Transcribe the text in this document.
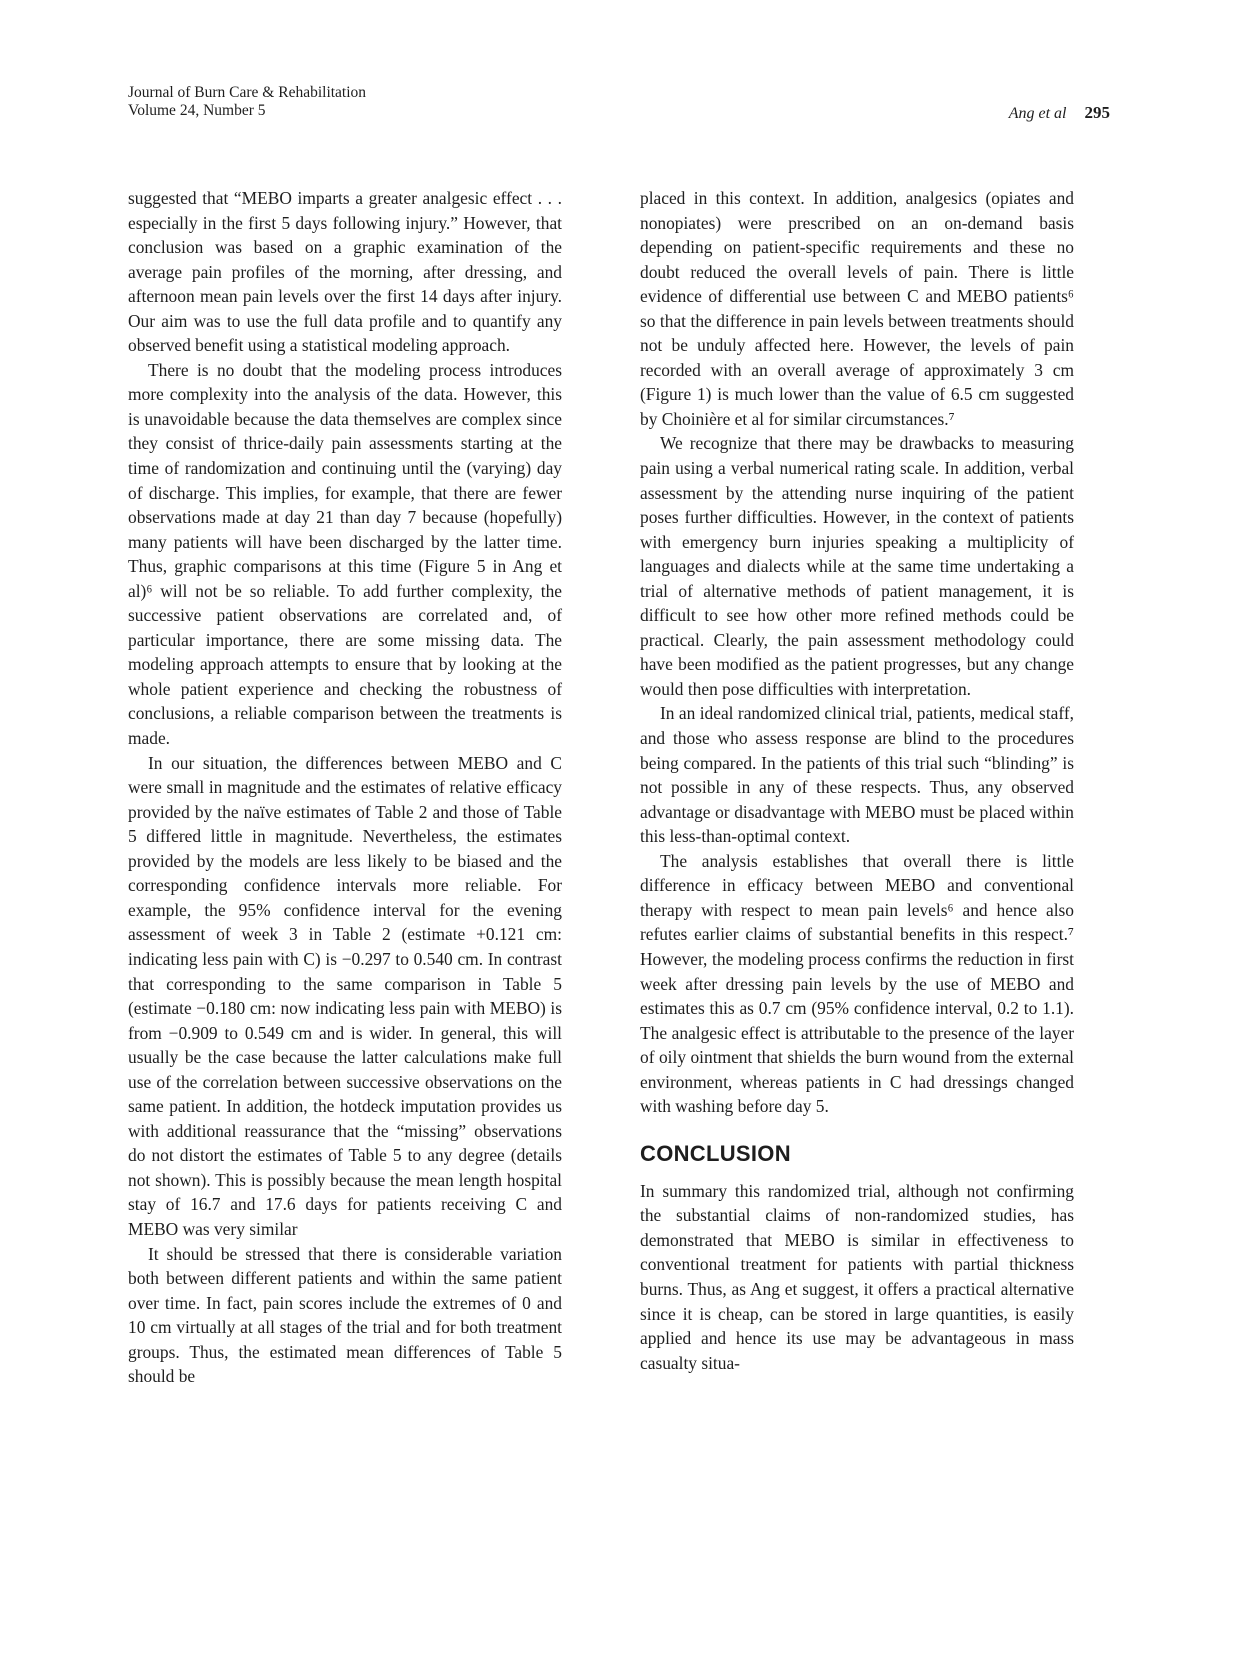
Journal of Burn Care & Rehabilitation
Volume 24, Number 5	Ang et al 295

suggested that “MEBO imparts a greater analgesic effect . . . especially in the first 5 days following injury.” However, that conclusion was based on a graphic examination of the average pain profiles of the morning, after dressing, and afternoon mean pain levels over the first 14 days after injury. Our aim was to use the full data profile and to quantify any observed benefit using a statistical modeling approach.

There is no doubt that the modeling process introduces more complexity into the analysis of the data. However, this is unavoidable because the data themselves are complex since they consist of thrice-daily pain assessments starting at the time of randomization and continuing until the (varying) day of discharge. This implies, for example, that there are fewer observations made at day 21 than day 7 because (hopefully) many patients will have been discharged by the latter time. Thus, graphic comparisons at this time (Figure 5 in Ang et al)⁶ will not be so reliable. To add further complexity, the successive patient observations are correlated and, of particular importance, there are some missing data. The modeling approach attempts to ensure that by looking at the whole patient experience and checking the robustness of conclusions, a reliable comparison between the treatments is made.

In our situation, the differences between MEBO and C were small in magnitude and the estimates of relative efficacy provided by the naïve estimates of Table 2 and those of Table 5 differed little in magnitude. Nevertheless, the estimates provided by the models are less likely to be biased and the corresponding confidence intervals more reliable. For example, the 95% confidence interval for the evening assessment of week 3 in Table 2 (estimate +0.121 cm: indicating less pain with C) is −0.297 to 0.540 cm. In contrast that corresponding to the same comparison in Table 5 (estimate −0.180 cm: now indicating less pain with MEBO) is from −0.909 to 0.549 cm and is wider. In general, this will usually be the case because the latter calculations make full use of the correlation between successive observations on the same patient. In addition, the hotdeck imputation provides us with additional reassurance that the “missing” observations do not distort the estimates of Table 5 to any degree (details not shown). This is possibly because the mean length hospital stay of 16.7 and 17.6 days for patients receiving C and MEBO was very similar

It should be stressed that there is considerable variation both between different patients and within the same patient over time. In fact, pain scores include the extremes of 0 and 10 cm virtually at all stages of the trial and for both treatment groups. Thus, the estimated mean differences of Table 5 should be

placed in this context. In addition, analgesics (opiates and nonopiates) were prescribed on an on-demand basis depending on patient-specific requirements and these no doubt reduced the overall levels of pain. There is little evidence of differential use between C and MEBO patients⁶ so that the difference in pain levels between treatments should not be unduly affected here. However, the levels of pain recorded with an overall average of approximately 3 cm (Figure 1) is much lower than the value of 6.5 cm suggested by Choinière et al for similar circumstances.⁷

We recognize that there may be drawbacks to measuring pain using a verbal numerical rating scale. In addition, verbal assessment by the attending nurse inquiring of the patient poses further difficulties. However, in the context of patients with emergency burn injuries speaking a multiplicity of languages and dialects while at the same time undertaking a trial of alternative methods of patient management, it is difficult to see how other more refined methods could be practical. Clearly, the pain assessment methodology could have been modified as the patient progresses, but any change would then pose difficulties with interpretation.

In an ideal randomized clinical trial, patients, medical staff, and those who assess response are blind to the procedures being compared. In the patients of this trial such “blinding” is not possible in any of these respects. Thus, any observed advantage or disadvantage with MEBO must be placed within this less-than-optimal context.

The analysis establishes that overall there is little difference in efficacy between MEBO and conventional therapy with respect to mean pain levels⁶ and hence also refutes earlier claims of substantial benefits in this respect.⁷ However, the modeling process confirms the reduction in first week after dressing pain levels by the use of MEBO and estimates this as 0.7 cm (95% confidence interval, 0.2 to 1.1). The analgesic effect is attributable to the presence of the layer of oily ointment that shields the burn wound from the external environment, whereas patients in C had dressings changed with washing before day 5.

CONCLUSION

In summary this randomized trial, although not confirming the substantial claims of non-randomized studies, has demonstrated that MEBO is similar in effectiveness to conventional treatment for patients with partial thickness burns. Thus, as Ang et suggest, it offers a practical alternative since it is cheap, can be stored in large quantities, is easily applied and hence its use may be advantageous in mass casualty situa-
